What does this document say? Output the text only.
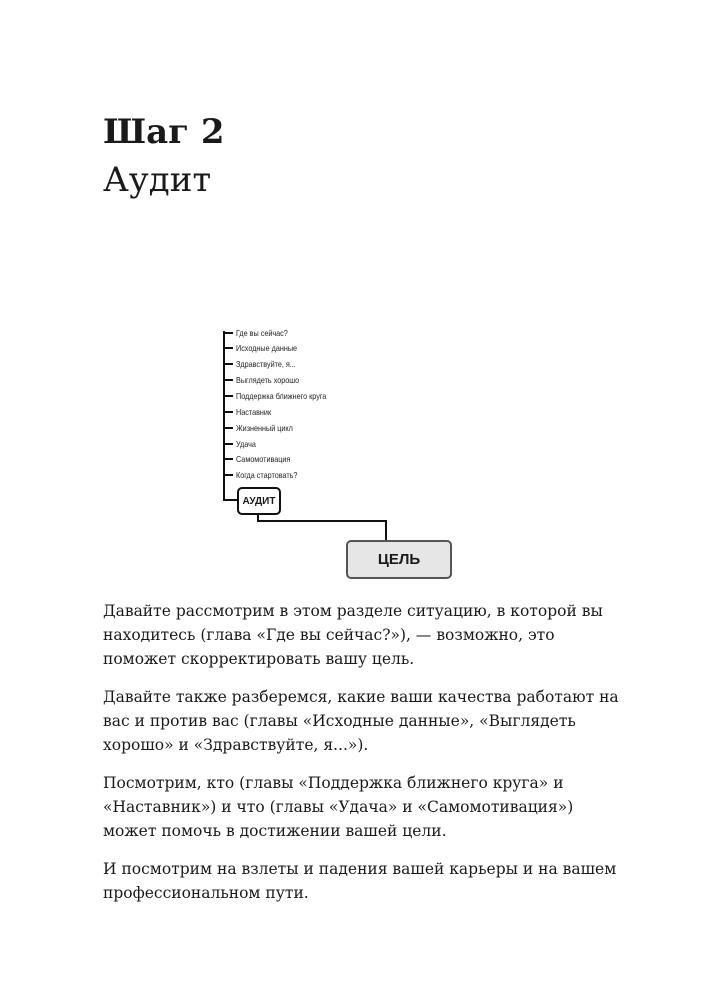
Шаг 2
Аудит
Где вы сейчас?
Исходные данные
Здравствуйте, я...
Выглядеть хорошо
Поддержка ближнего круга
Наставник
Жизненный цикл
Удача
Самомотивация
Когда стартовать?
АУДИТ
ЦЕЛЬ

Давайте рассмотрим в этом разделе ситуацию, в которой вы находитесь (глава «Где вы сейчас?»), — возможно, это поможет скорректировать вашу цель.

Давайте также разберемся, какие ваши качества работают на вас и против вас (главы «Исходные данные», «Выглядеть хорошо» и «Здравствуйте, я...»).

Посмотрим, кто (главы «Поддержка ближнего круга» и «Наставник») и что (главы «Удача» и «Самомотивация») может помочь в достижении вашей цели.

И посмотрим на взлеты и падения вашей карьеры и на вашем профессиональном пути.
